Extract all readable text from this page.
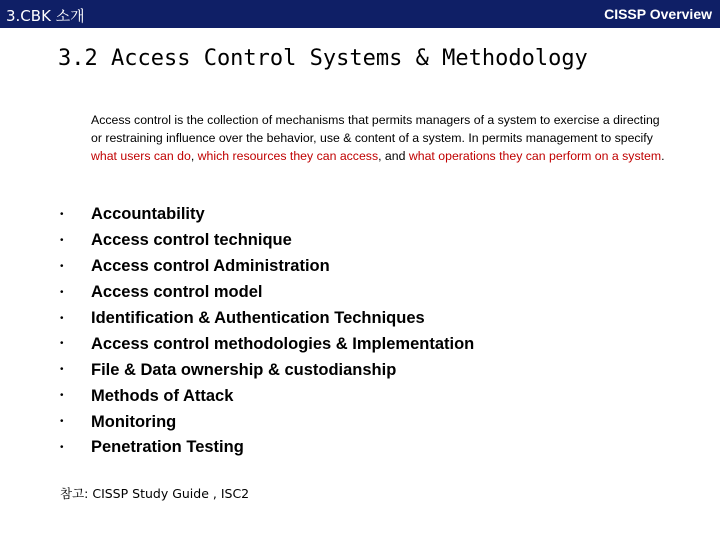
3.CBK 소개	CISSP Overview
3.2 Access Control Systems & Methodology
Access control is the collection of mechanisms that permits managers of a system to exercise a directing or restraining influence over the behavior, use & content of a system. In permits management to specify what users can do, which resources they can access, and what operations they can perform on a system.
•	Accountability
•	Access control technique
•	Access control Administration
•	Access control model
•	Identification & Authentication Techniques
•	Access control methodologies & Implementation
•	File & Data ownership & custodianship
•	Methods of Attack
•	Monitoring
•	Penetration Testing
참고: CISSP Study Guide , ISC2
